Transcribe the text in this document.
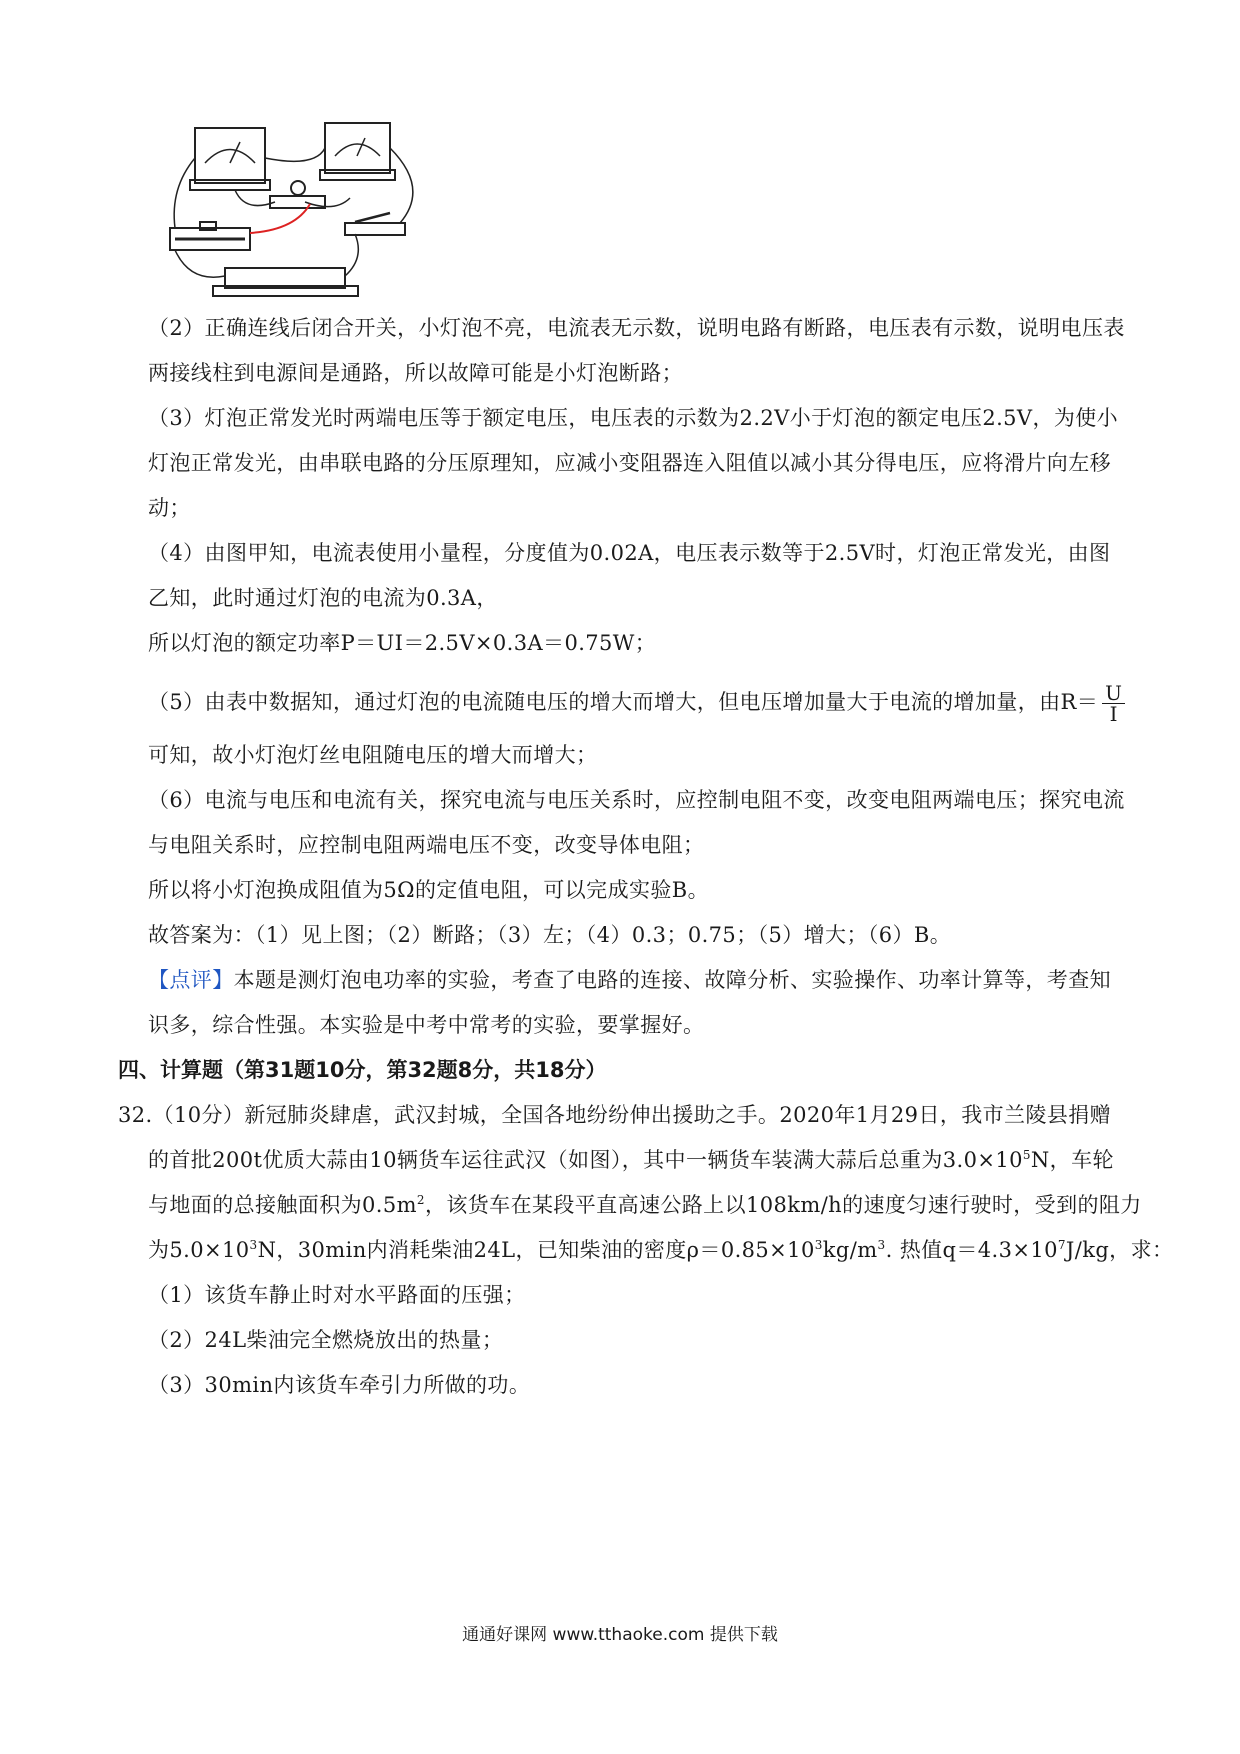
（2）正确连线后闭合开关，小灯泡不亮，电流表无示数，说明电路有断路，电压表有示数，说明电压表
两接线柱到电源间是通路，所以故障可能是小灯泡断路；
（3）灯泡正常发光时两端电压等于额定电压，电压表的示数为2.2V小于灯泡的额定电压2.5V，为使小
灯泡正常发光，由串联电路的分压原理知，应减小变阻器连入阻值以减小其分得电压，应将滑片向左移
动；
（4）由图甲知，电流表使用小量程，分度值为0.02A，电压表示数等于2.5V时，灯泡正常发光，由图
乙知，此时通过灯泡的电流为0.3A，
所以灯泡的额定功率P＝UI＝2.5V×0.3A＝0.75W；
（5）由表中数据知，通过灯泡的电流随电压的增大而增大，但电压增加量大于电流的增加量，由$R= \frac{U}{I}$
可知，故小灯泡灯丝电阻随电压的增大而增大；
（6）电流与电压和电流有关，探究电流与电压关系时，应控制电阻不变，改变电阻两端电压；探究电流
与电阻关系时，应控制电阻两端电压不变，改变导体电阻；
所以将小灯泡换成阻值为5Ω的定值电阻，可以完成实验B。
故答案为：（1）见上图；（2）断路；（3）左；（4）0.3；0.75；（5）增大；（6）B。
【点评】本题是测灯泡电功率的实验，考查了电路的连接、故障分析、实验操作、功率计算等，考查知
识多，综合性强。本实验是中考中常考的实验，要掌握好。
四、计算题（第31题10分，第32题8分，共18分）
32.（10分）新冠肺炎肆虐，武汉封城，全国各地纷纷伸出援助之手。2020年1月29日，我市兰陵县捐赠
的首批200t优质大蒜由10辆货车运往武汉（如图），其中一辆货车装满大蒜后总重为$3.0\times 10^5N$，车轮
与地面的总接触面积为$0.5m^2$，该货车在某段平直高速公路上以108km/h的速度匀速行驶时，受到的阻力
为$5.0\times 10^3N$，30min内消耗柴油24L，已知柴油的密度$\rho=0.85\times 10^3kg/m^3$. 热值$q=4.3\times 10^7J/kg$，求：
（1）该货车静止时对水平路面的压强；
（2）24L柴油完全燃烧放出的热量；
（3）30min内该货车牵引力所做的功。
通通好课网 www.tthaoke.com 提供下载
